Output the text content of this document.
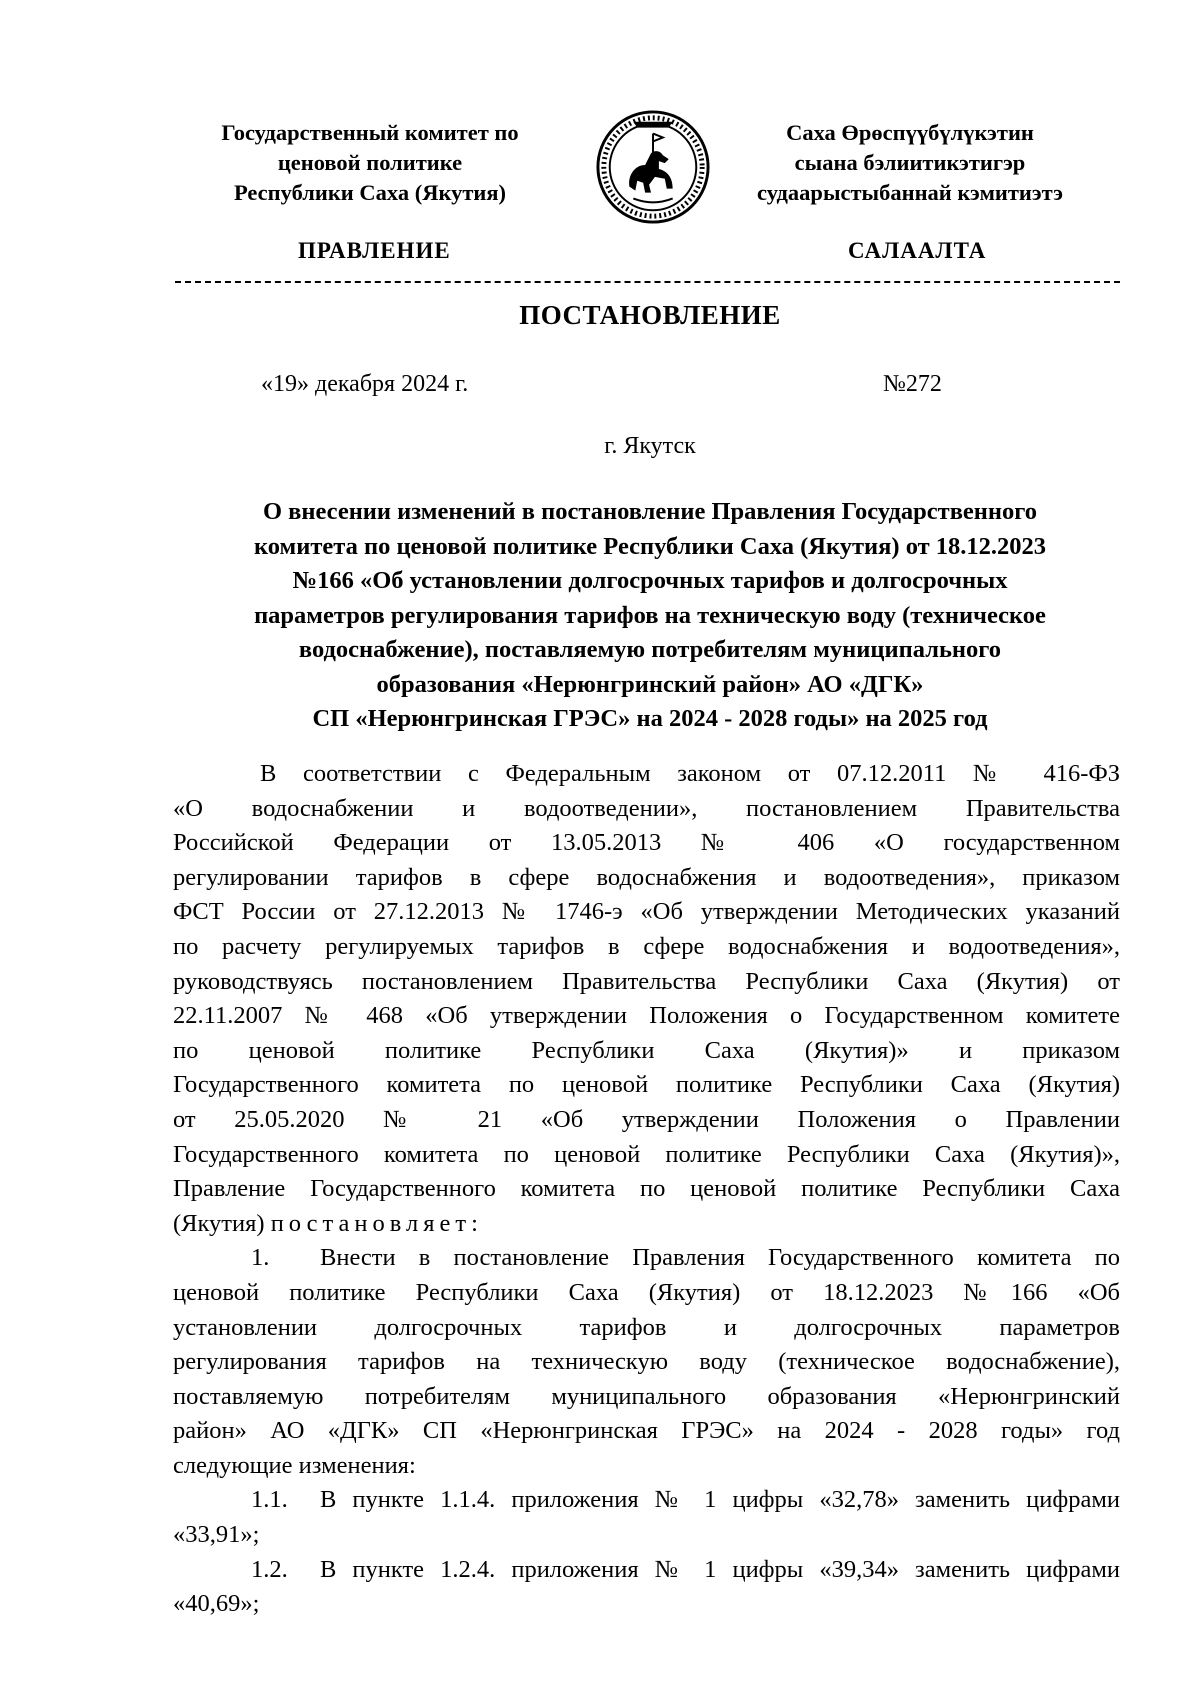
Государственный комитет по
ценовой политике
Республики Саха (Якутия)
Саха Өрөспүүбүлүкэтин
сыана бэлиитикэтигэр
судаарыстыбаннай кэмитиэтэ
ПРАВЛЕНИЕ	САЛААЛТА
ПОСТАНОВЛЕНИЕ
«19» декабря 2024 г.	№272
г. Якутск
О внесении изменений в постановление Правления Государственного
комитета по ценовой политике Республики Саха (Якутия) от 18.12.2023
№166 «Об установлении долгосрочных тарифов и долгосрочных
параметров регулирования тарифов на техническую воду (техническое
водоснабжение), поставляемую потребителям муниципального
образования «Нерюнгринский район» АО «ДГК»
СП «Нерюнгринская ГРЭС» на 2024 - 2028 годы» на 2025 год
В соответствии с Федеральным законом от 07.12.2011 № 416-ФЗ
«О водоснабжении и водоотведении», постановлением Правительства
Российской Федерации от 13.05.2013 № 406 «О государственном
регулировании тарифов в сфере водоснабжения и водоотведения», приказом
ФСТ России от 27.12.2013 № 1746-э «Об утверждении Методических указаний
по расчету регулируемых тарифов в сфере водоснабжения и водоотведения»,
руководствуясь постановлением Правительства Республики Саха (Якутия) от
22.11.2007 № 468 «Об утверждении Положения о Государственном комитете
по ценовой политике Республики Саха (Якутия)» и приказом
Государственного комитета по ценовой политике Республики Саха (Якутия)
от 25.05.2020 № 21 «Об утверждении Положения о Правлении
Государственного комитета по ценовой политике Республики Саха (Якутия)»,
Правление Государственного комитета по ценовой политике Республики Саха
(Якутия) постановляет:
1. Внести в постановление Правления Государственного комитета по
ценовой политике Республики Саха (Якутия) от 18.12.2023 №166 «Об
установлении долгосрочных тарифов и долгосрочных параметров
регулирования тарифов на техническую воду (техническое водоснабжение),
поставляемую потребителям муниципального образования «Нерюнгринский
район» АО «ДГК» СП «Нерюнгринская ГРЭС» на 2024 - 2028 годы» год
следующие изменения:
1.1. В пункте 1.1.4. приложения № 1 цифры «32,78» заменить цифрами
«33,91»;
1.2. В пункте 1.2.4. приложения № 1 цифры «39,34» заменить цифрами
«40,69»;
